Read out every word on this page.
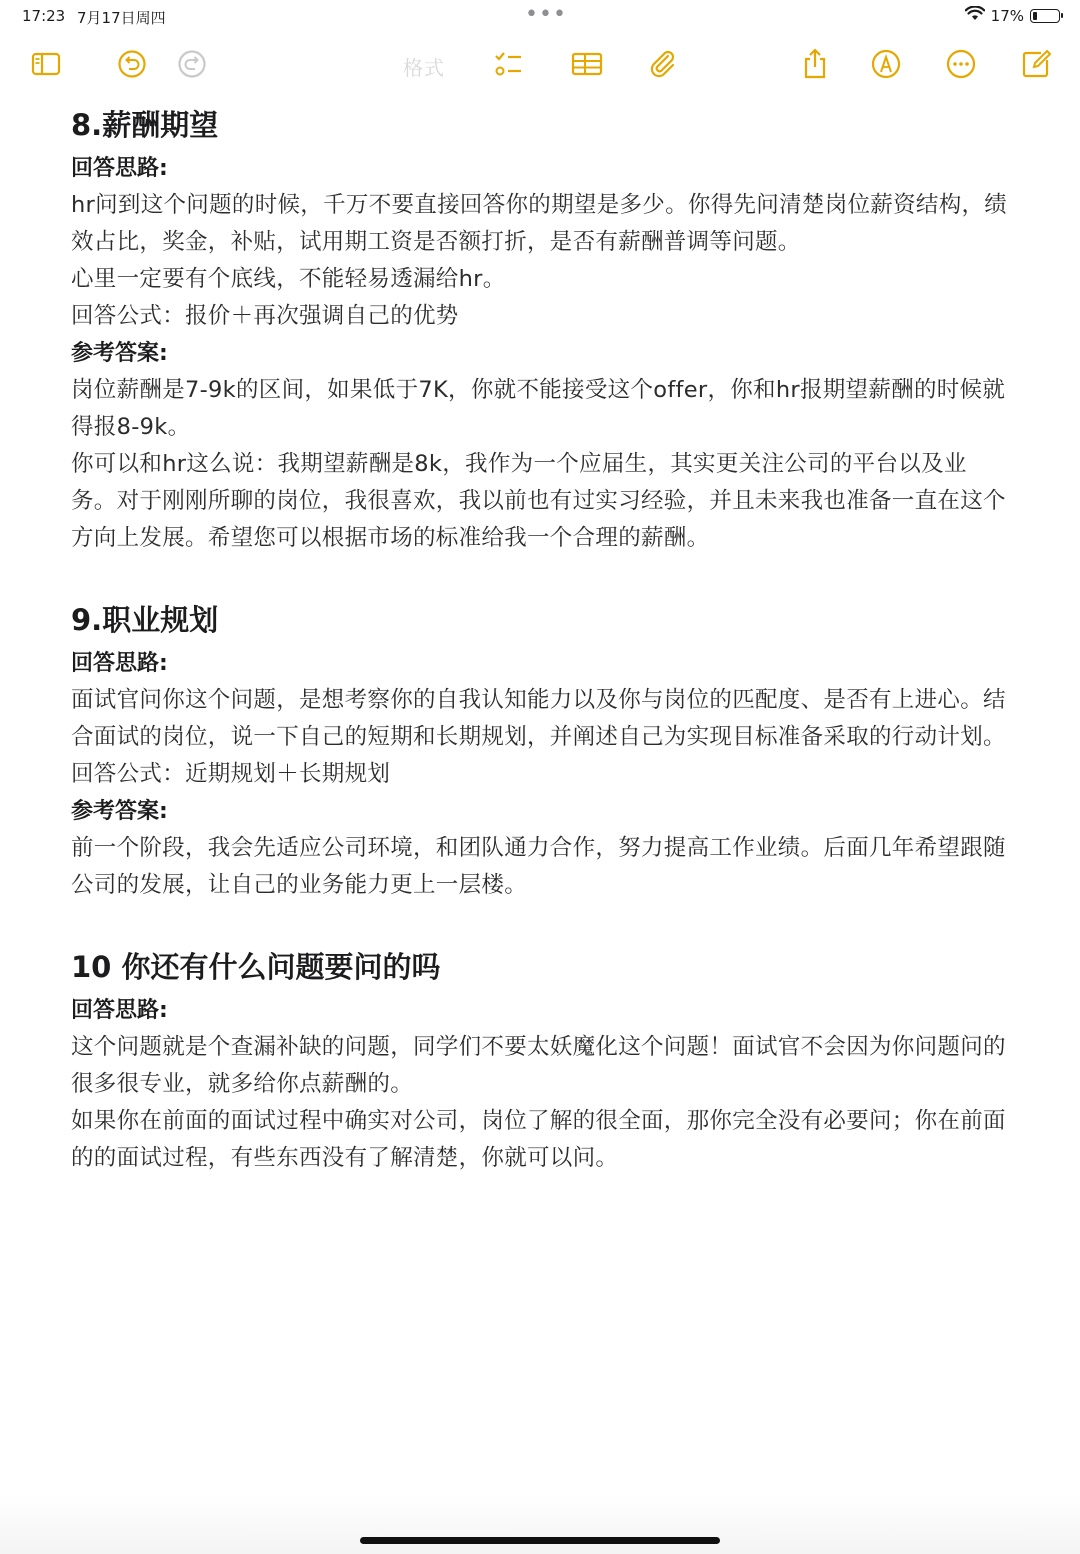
17:23 7月17日周四	•••	17%
格式
8.薪酬期望

回答思路:

hr问到这个问题的时候，千万不要直接回答你的期望是多少。你得先问清楚岗位薪资结构，绩效占比，奖金，补贴，试用期工资是否额打折，是否有薪酬普调等问题。

心里一定要有个底线，不能轻易透漏给hr。

回答公式：报价＋再次强调自己的优势

参考答案:

岗位薪酬是7-9k的区间，如果低于7K，你就不能接受这个offer，你和hr报期望薪酬的时候就得报8-9k。

你可以和hr这么说：我期望薪酬是8k，我作为一个应届生，其实更关注公司的平台以及业务。对于刚刚所聊的岗位，我很喜欢，我以前也有过实习经验，并且未来我也准备一直在这个方向上发展。希望您可以根据市场的标准给我一个合理的薪酬。

9.职业规划

回答思路:

面试官问你这个问题，是想考察你的自我认知能力以及你与岗位的匹配度、是否有上进心。结合面试的岗位，说一下自己的短期和长期规划，并阐述自己为实现目标准备采取的行动计划。

回答公式：近期规划＋长期规划

参考答案:

前一个阶段，我会先适应公司环境，和团队通力合作，努力提高工作业绩。后面几年希望跟随公司的发展，让自己的业务能力更上一层楼。

10 你还有什么问题要问的吗

回答思路:

这个问题就是个查漏补缺的问题，同学们不要太妖魔化这个问题！面试官不会因为你问题问的很多很专业，就多给你点薪酬的。

如果你在前面的面试过程中确实对公司，岗位了解的很全面，那你完全没有必要问；你在前面的的面试过程，有些东西没有了解清楚，你就可以问。
